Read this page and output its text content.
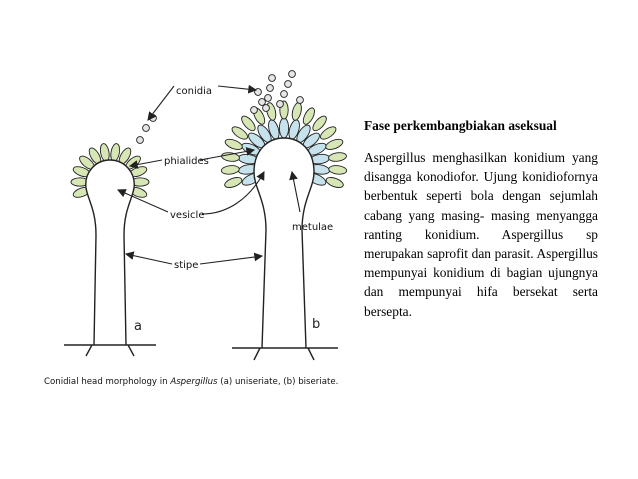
conidia
phialides
vesicle
metulae
stipe
a	b
Conidial head morphology in Aspergillus (a) uniseriate, (b) biseriate.

Fase perkembangbiakan aseksual

Aspergillus menghasilkan konidium yang disangga konodiofor. Ujung konidiofornya berbentuk seperti bola dengan sejumlah cabang yang masing- masing menyangga ranting konidium. Aspergillus sp merupakan saprofit dan parasit. Aspergillus mempunyai konidium di bagian ujungnya dan mempunyai hifa bersekat serta bersepta.
